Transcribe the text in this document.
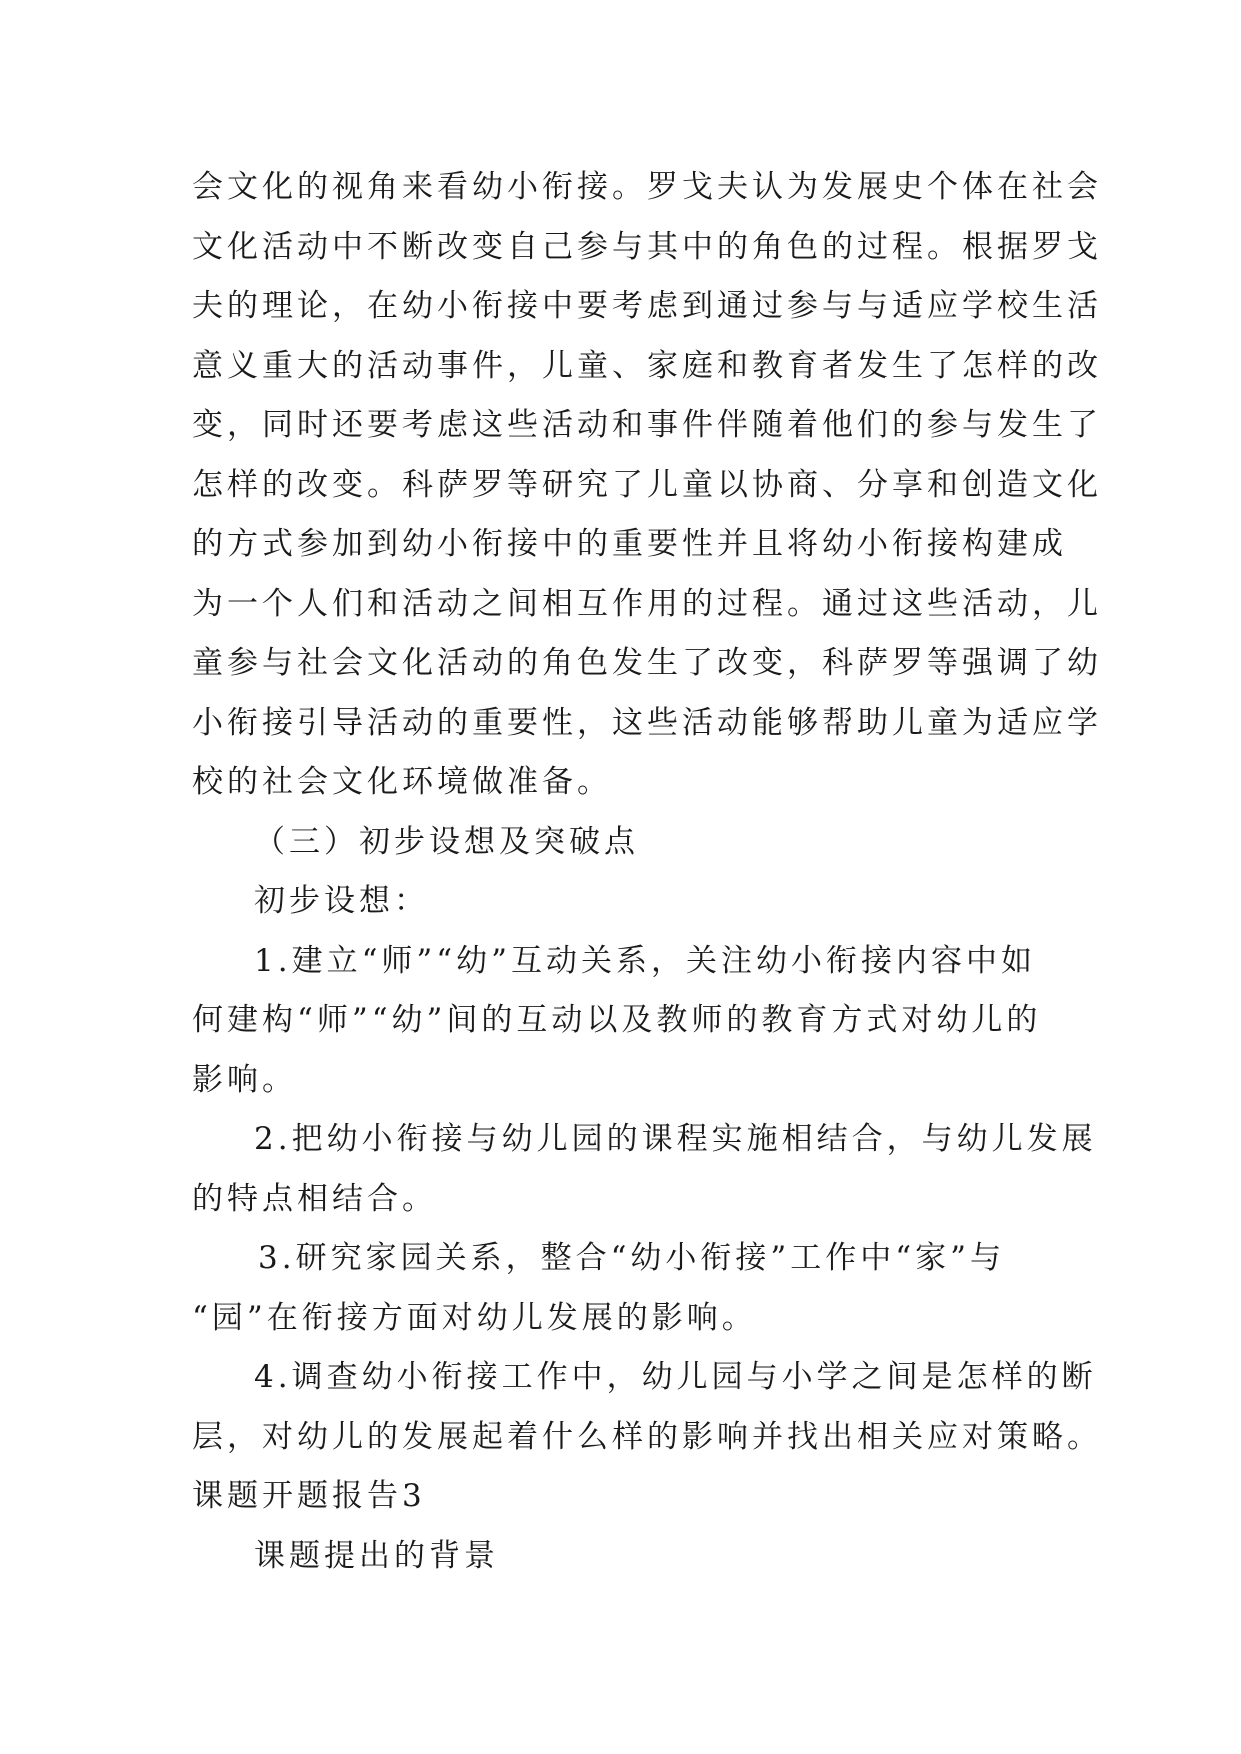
会文化的视角来看幼小衔接。罗戈夫认为发展史个体在社会
文化活动中不断改变自己参与其中的角色的过程。根据罗戈
夫的理论，在幼小衔接中要考虑到通过参与与适应学校生活
意义重大的活动事件，儿童、家庭和教育者发生了怎样的改
变，同时还要考虑这些活动和事件伴随着他们的参与发生了
怎样的改变。科萨罗等研究了儿童以协商、分享和创造文化
的方式参加到幼小衔接中的重要性并且将幼小衔接构建成
为一个人们和活动之间相互作用的过程。通过这些活动，儿
童参与社会文化活动的角色发生了改变，科萨罗等强调了幼
小衔接引导活动的重要性，这些活动能够帮助儿童为适应学
校的社会文化环境做准备。
（三）初步设想及突破点
初步设想：
1.建立“师”“幼”互动关系，关注幼小衔接内容中如
何建构“师”“幼”间的互动以及教师的教育方式对幼儿的
影响。
2.把幼小衔接与幼儿园的课程实施相结合，与幼儿发展
的特点相结合。
3.研究家园关系，整合“幼小衔接”工作中“家”与
“园”在衔接方面对幼儿发展的影响。
4.调查幼小衔接工作中，幼儿园与小学之间是怎样的断
层，对幼儿的发展起着什么样的影响并找出相关应对策略。
课题开题报告3
课题提出的背景
